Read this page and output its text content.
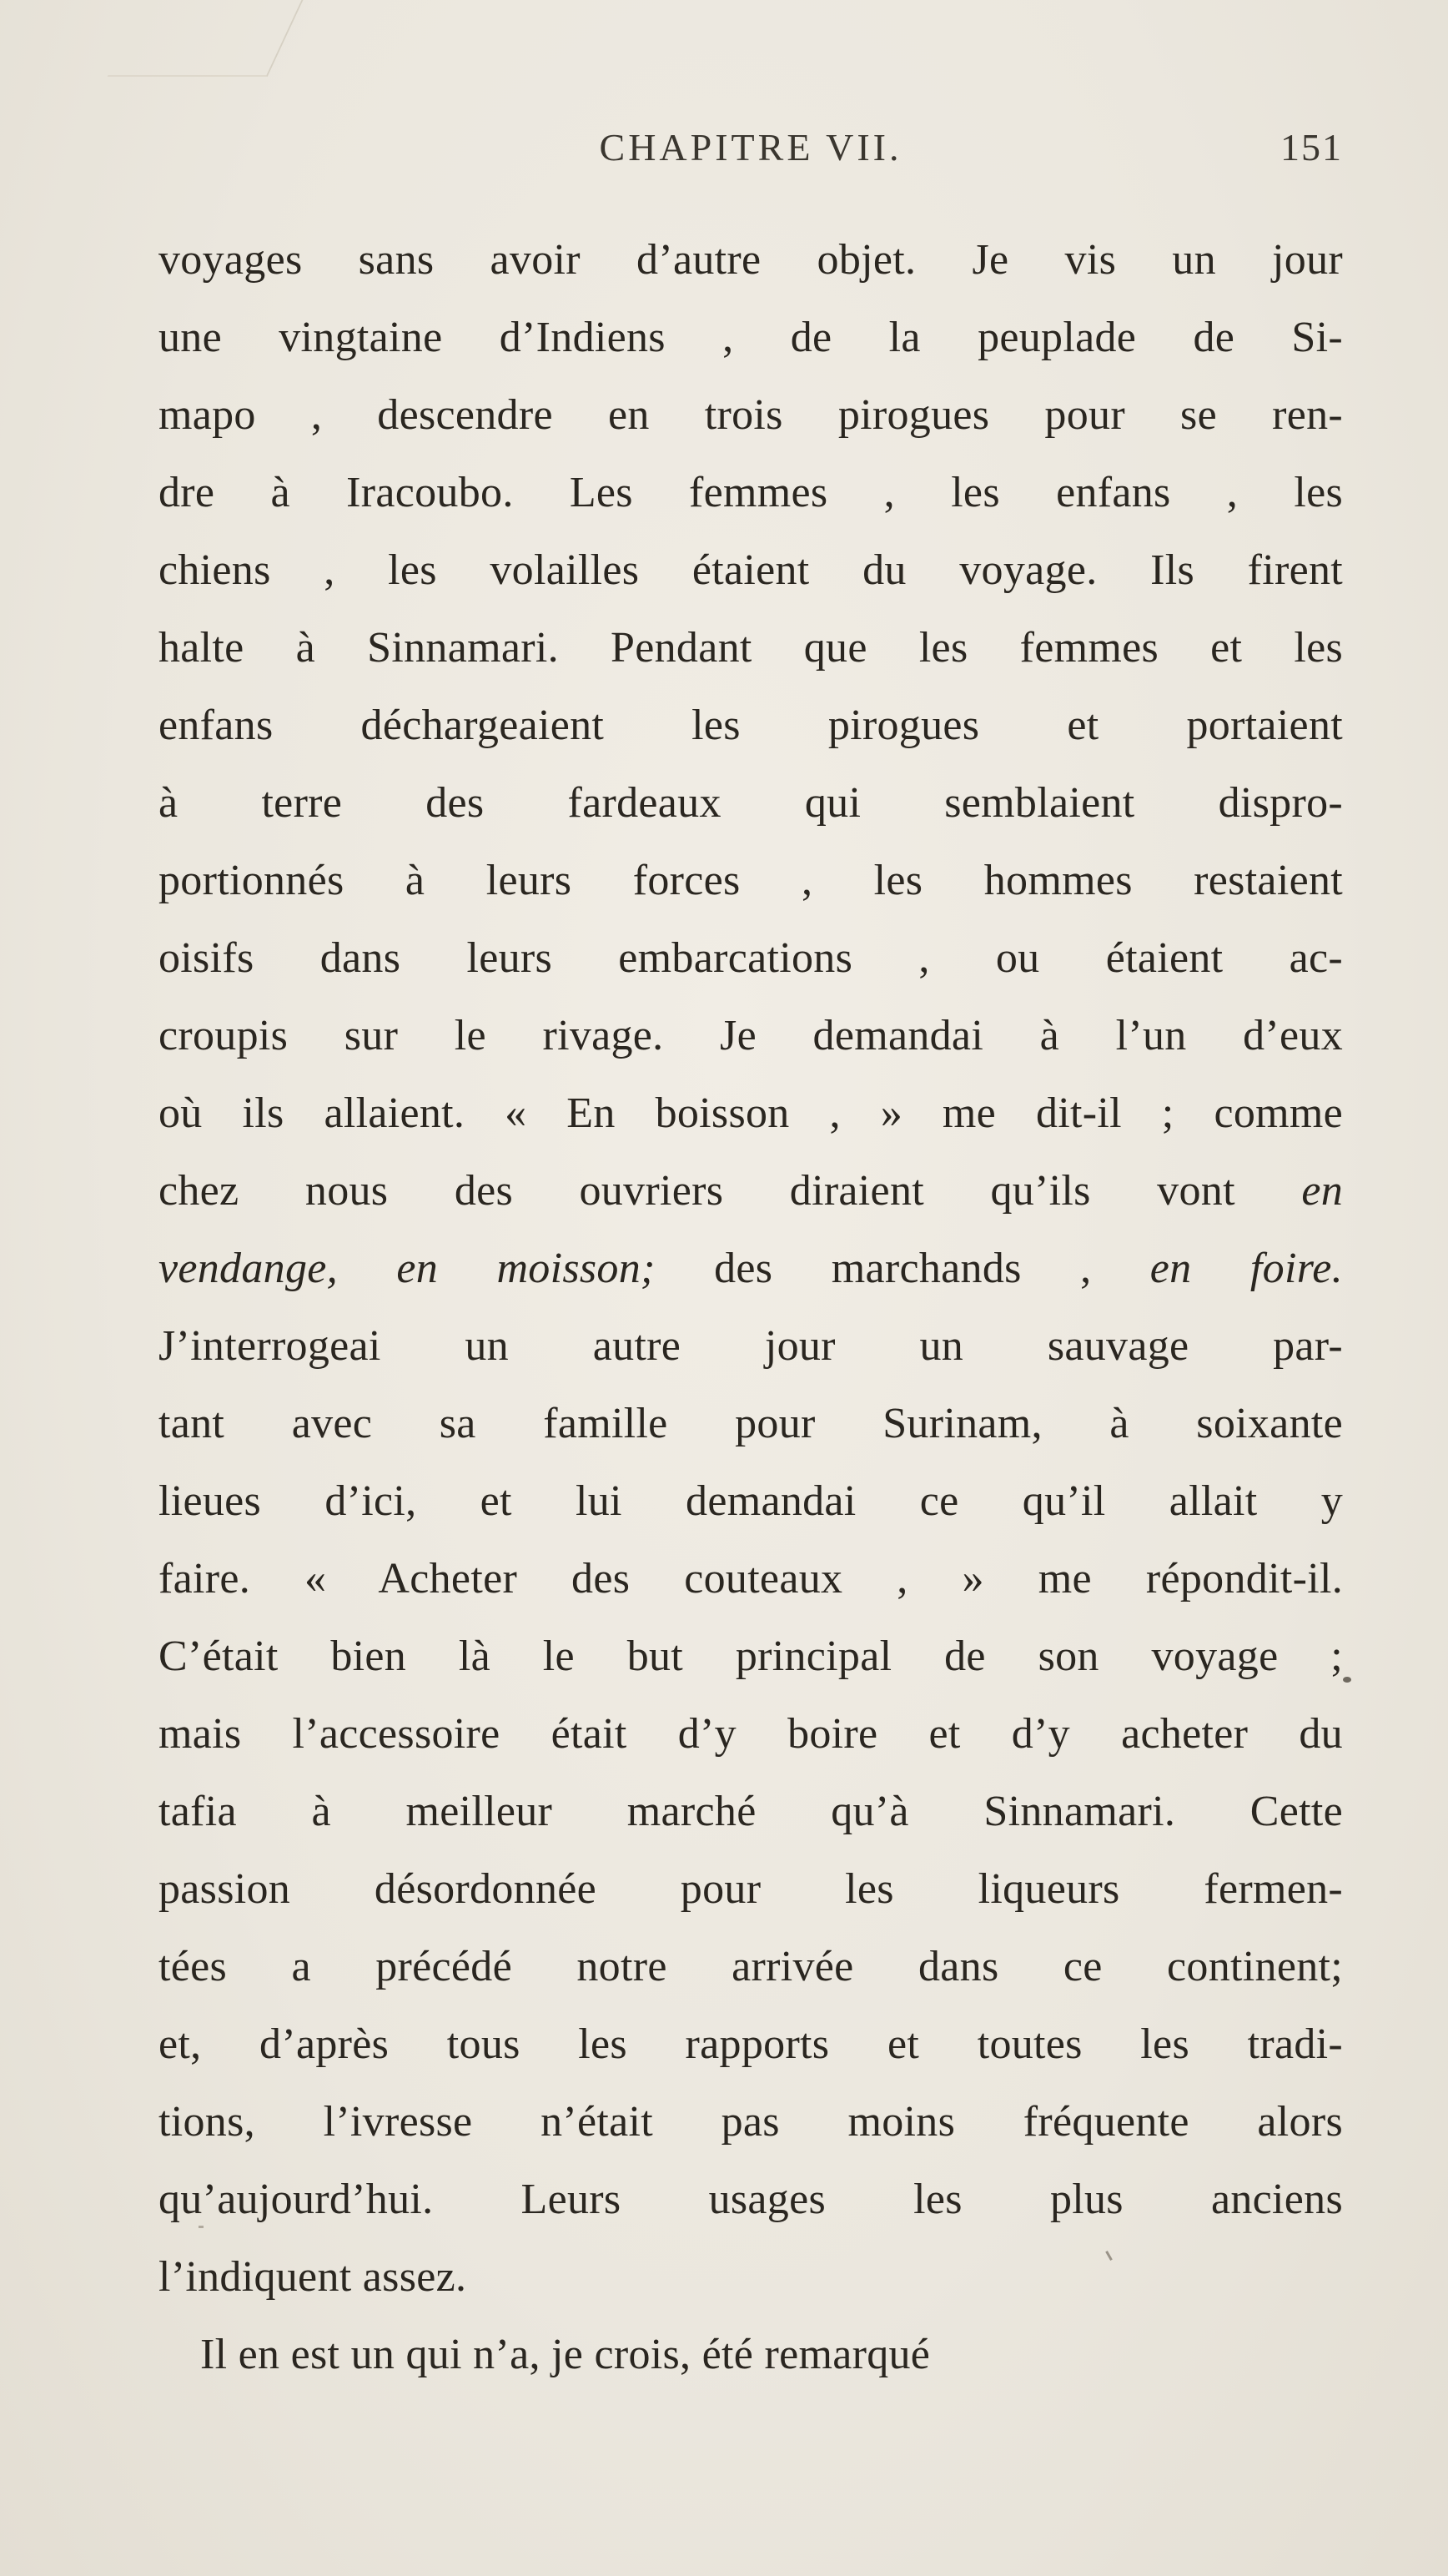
CHAPITRE VII.	151
voyages sans avoir d’autre objet. Je vis un jour
une vingtaine d’Indiens , de la peuplade de Si-
mapo , descendre en trois pirogues pour se ren-
dre à Iracoubo. Les femmes , les enfans , les
chiens , les volailles étaient du voyage. Ils firent
halte à Sinnamari. Pendant que les femmes et les
enfans déchargeaient les pirogues et portaient
à terre des fardeaux qui semblaient dispro-
portionnés à leurs forces , les hommes restaient
oisifs dans leurs embarcations , ou étaient ac-
croupis sur le rivage. Je demandai à l’un d’eux
où ils allaient. « En boisson , » me dit-il ; comme
chez nous des ouvriers diraient qu’ils vont en
vendange, en moisson; des marchands , en foire.
J’interrogeai un autre jour un sauvage par-
tant avec sa famille pour Surinam, à soixante
lieues d’ici, et lui demandai ce qu’il allait y
faire. « Acheter des couteaux , » me répondit-il.
C’était bien là le but principal de son voyage ;
mais l’accessoire était d’y boire et d’y acheter du
tafia à meilleur marché qu’à Sinnamari. Cette
passion désordonnée pour les liqueurs fermen-
tées a précédé notre arrivée dans ce continent;
et, d’après tous les rapports et toutes les tradi-
tions, l’ivresse n’était pas moins fréquente alors
qu’aujourd’hui. Leurs usages les plus anciens
l’indiquent assez.
Il en est un qui n’a, je crois, été remarqué
